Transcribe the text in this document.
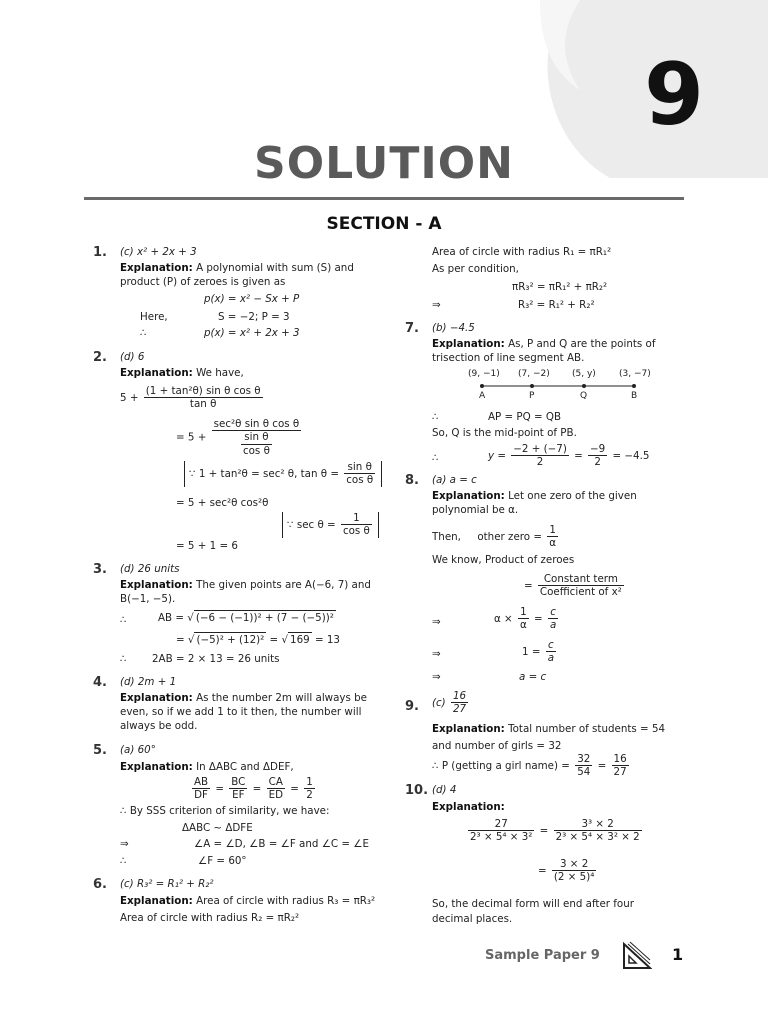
9
SOLUTION
SECTION - A
1. (c) x² + 2x + 3
Explanation: A polynomial with sum (S) and
product (P) of zeroes is given as
p(x) = x² − Sx + P
Here,	S = −2; P = 3
∴	p(x) = x² + 2x + 3
2. (d) 6
Explanation: We have,
$5 + \frac{\text{(1 + tan²θ) sin θ cos θ}}{\text{tan θ}}$
= $5 + \frac{\text{sec²θ sin θ cos θ}}{\frac{\text{sin θ}}{\text{cos θ}}}$
∵ 1 + tan²θ = sec² θ, $\tan \theta = \frac{\text{sin θ}}{\text{cos θ}}$
= 5 + sec²θ cos²θ
∵ $\sec \theta = \frac{1}{\text{cos θ}}$
= 5 + 1 = 6
3. (d) 26 units
Explanation: The given points are A(−6, 7) and
B(−1, −5).
∴	AB = √ (−6 − (−1))² + (7 − (−5))²
= √ (−5)² + (12)² = √ 169 = 13
∴ 2AB = 2 × 13 = 26 units
4. (d) 2m + 1
Explanation: As the number 2m will always be
even, so if we add 1 to it then, the number will
always be odd.
5. (a) 60°
Explanation: In ΔABC and ΔDEF,
$\frac{AB}{DF} = \frac{BC}{EF} = \frac{CA}{ED} = \frac{1}{2}$
∴ By SSS criterion of similarity, we have:
ΔABC ~ ΔDFE
⇒	∠A = ∠D, ∠B = ∠F and ∠C = ∠E
∴	∠F = 60°
6. (c) R₃² = R₁² + R₂²
Explanation: Area of circle with radius R₃ = πR₃²
Area of circle with radius R₂ = πR₂²
Area of circle with radius R₁ = πR₁²
As per condition,
πR₃² = πR₁² + πR₂²
⇒	R₃² = R₁² + R₂²
7. (b) −4.5
Explanation: As, P and Q are the points of
trisection of line segment AB.
(9, −1) (7, −2) (5, y)	(3, −7)
A	P	Q	B
∴	AP = PQ = QB
So, Q is the mid-point of PB.
∴	$y = \frac{-2 + (-7)}{2} = \frac{-9}{2} = -4.5$
8. (a) a = c
Explanation: Let one zero of the given
polynomial be α.
Then, other zero = $\frac{1}{\alpha}$
We know, Product of zeroes
= $\frac{\text{Constant term}}{\text{Coefficient of x²}}$
⇒	$\alpha \times \frac{1}{\alpha} = \frac{c}{a}$
⇒	$1 = \frac{c}{a}$
⇒	a = c
9. $(c) \frac{16}{27}$
Explanation: Total number of students = 54
and number of girls = 32
∴ P (getting a girl name) = $\frac{32}{54} = \frac{16}{27}$
10. (d) 4
Explanation:
$\frac{27}{\text{2³ × 5⁴ × 3²}} = \frac{\text{3³ × 2}}{\text{2³ × 5⁴ × 3² × 2}}$
= $\frac{3 \times 2}{\text{(2 × 5)⁴}}$
So, the decimal form will end after four
decimal places.
Sample Paper 9	1
